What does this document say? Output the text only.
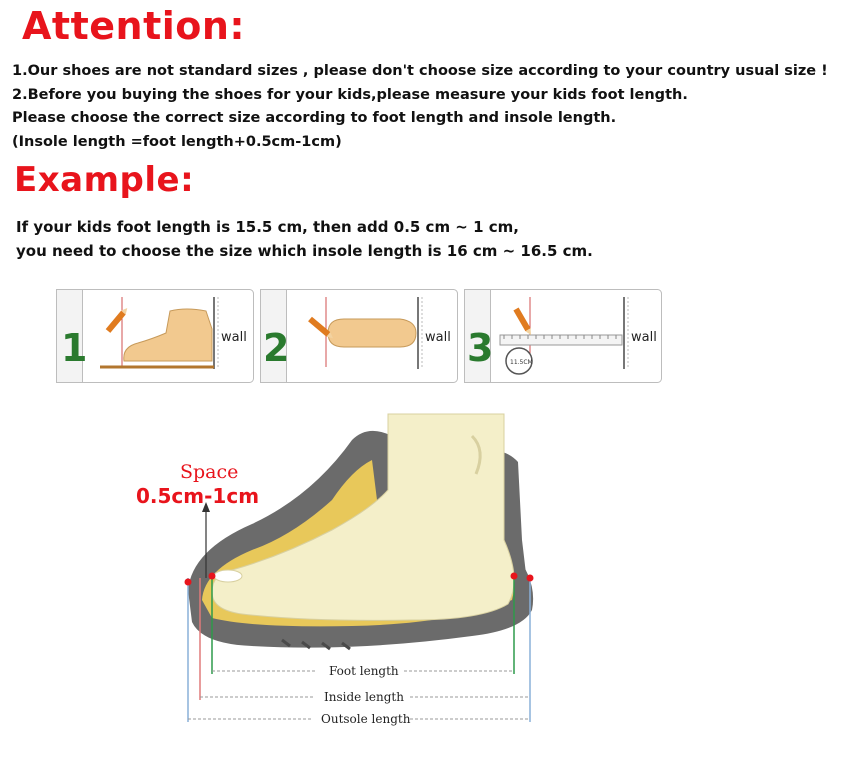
Attention:
1.Our shoes are not standard sizes , please don't choose size according to your country usual size !
2.Before you buying the shoes for your kids,please measure your kids foot length.
Please choose the correct size according to foot length and insole length.
(Insole length =foot length+0.5cm-1cm)
Example:
If your kids foot length is 15.5 cm, then add 0.5 cm ~ 1 cm,
you need to choose the size which insole length is 16 cm ~ 16.5 cm.
1	wall 2	wall 3	wall
11.5CM
Foot length
Inside length
Outsole length
Space
0.5cm-1cm
